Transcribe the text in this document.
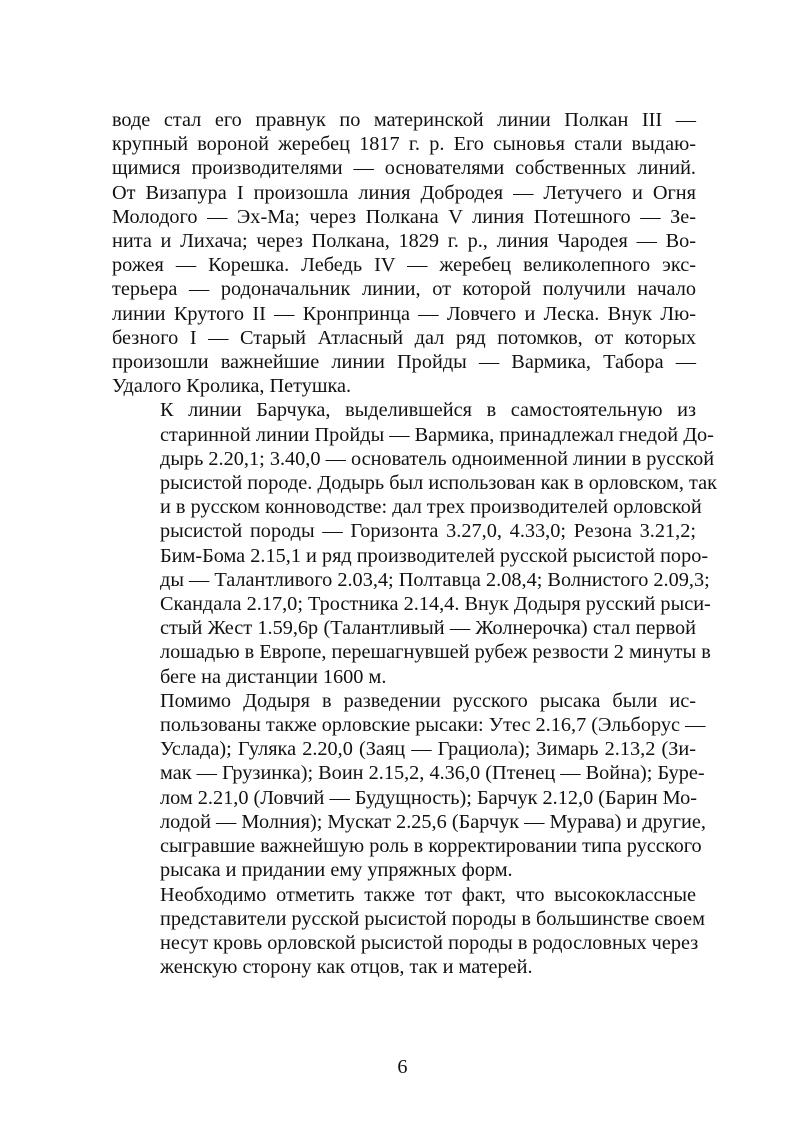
воде стал его правнук по материнской линии Полкан III —
крупный вороной жеребец 1817 г. р. Его сыновья стали выдаю-
щимися производителями — основателями собственных линий.
От Визапура I произошла линия Добродея — Летучего и Огня
Молодого — Эх-Ма; через Полкана V линия Потешного — Зе-
нита и Лихача; через Полкана, 1829 г. р., линия Чародея — Во-
рожея — Корешка. Лебедь IV — жеребец великолепного экс-
терьера — родоначальник линии, от которой получили начало
линии Крутого II — Кронпринца — Ловчего и Леска. Внук Лю-
безного I — Старый Атласный дал ряд потомков, от которых
произошли важнейшие линии Пройды — Вармика, Табора —
Удалого Кролика, Петушка.
К линии Барчука, выделившейся в самостоятельную из
старинной линии Пройды — Вармика, принадлежал гнедой До-
дырь 2.20,1; 3.40,0 — основатель одноименной линии в русской
рысистой породе. Додырь был использован как в орловском, так
и в русском конноводстве: дал трех производителей орловской
рысистой породы — Горизонта 3.27,0, 4.33,0; Резона 3.21,2;
Бим-Бома 2.15,1 и ряд производителей русской рысистой поро-
ды — Талантливого 2.03,4; Полтавца 2.08,4; Волнистого 2.09,3;
Скандала 2.17,0; Тростника 2.14,4. Внук Додыря русский рыси-
стый Жест 1.59,6р (Талантливый — Жолнерочка) стал первой
лошадью в Европе, перешагнувшей рубеж резвости 2 минуты в
беге на дистанции 1600 м.
Помимо Додыря в разведении русского рысака были ис-
пользованы также орловские рысаки: Утес 2.16,7 (Эльборус —
Услада); Гуляка 2.20,0 (Заяц — Грациола); Зимарь 2.13,2 (Зи-
мак — Грузинка); Воин 2.15,2, 4.36,0 (Птенец — Война); Буре-
лом 2.21,0 (Ловчий — Будущность); Барчук 2.12,0 (Барин Мо-
лодой — Молния); Мускат 2.25,6 (Барчук — Мурава) и другие,
сыгравшие важнейшую роль в корректировании типа русского
рысака и придании ему упряжных форм.
Необходимо отметить также тот факт, что высококлассные
представители русской рысистой породы в большинстве своем
несут кровь орловской рысистой породы в родословных через
женскую сторону как отцов, так и матерей.
6
